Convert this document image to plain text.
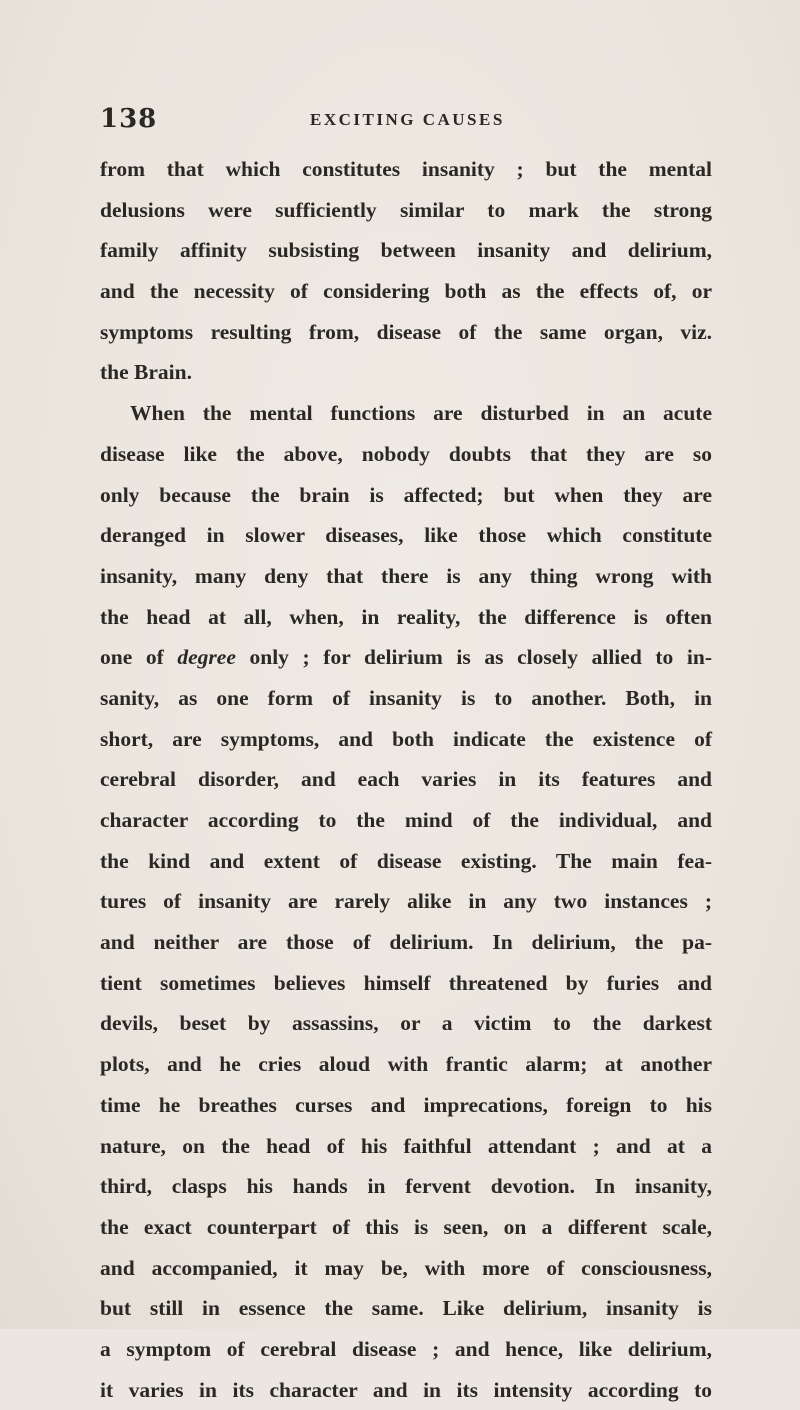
138	EXCITING CAUSES
from that which constitutes insanity ; but the mental
delusions were sufficiently similar to mark the strong
family affinity subsisting between insanity and delirium,
and the necessity of considering both as the effects of, or
symptoms resulting from, disease of the same organ, viz.
the Brain.
When the mental functions are disturbed in an acute
disease like the above, nobody doubts that they are so
only because the brain is affected; but when they are
deranged in slower diseases, like those which constitute
insanity, many deny that there is any thing wrong with
the head at all, when, in reality, the difference is often
one of degree only ; for delirium is as closely allied to in-
sanity, as one form of insanity is to another. Both, in
short, are symptoms, and both indicate the existence of
cerebral disorder, and each varies in its features and
character according to the mind of the individual, and
the kind and extent of disease existing. The main fea-
tures of insanity are rarely alike in any two instances ;
and neither are those of delirium. In delirium, the pa-
tient sometimes believes himself threatened by furies and
devils, beset by assassins, or a victim to the darkest
plots, and he cries aloud with frantic alarm; at another
time he breathes curses and imprecations, foreign to his
nature, on the head of his faithful attendant ; and at a
third, clasps his hands in fervent devotion. In insanity,
the exact counterpart of this is seen, on a different scale,
and accompanied, it may be, with more of consciousness,
but still in essence the same. Like delirium, insanity is
a symptom of cerebral disease ; and hence, like delirium,
it varies in its character and in its intensity according to
